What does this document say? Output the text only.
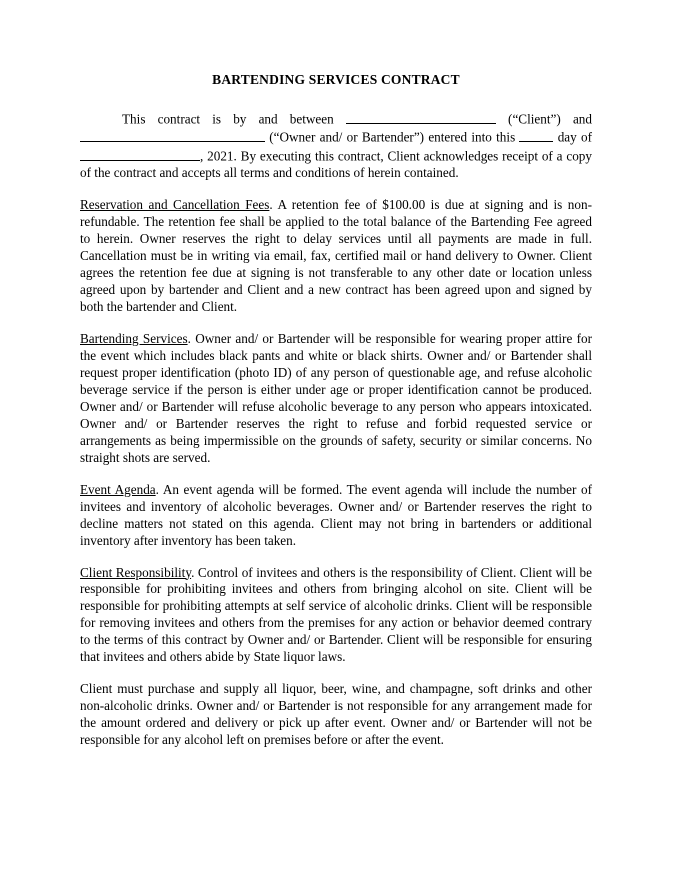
BARTENDING SERVICES CONTRACT

This contract is by and between	(“Client”) and  (“Owner and/ or Bartender”) entered into this	day of , 2021. By executing this contract, Client acknowledges receipt of a copy of the contract and accepts all terms and conditions of herein contained.

Reservation and Cancellation Fees. A retention fee of $100.00 is due at signing and is non-refundable. The retention fee shall be applied to the total balance of the Bartending Fee agreed to herein. Owner reserves the right to delay services until all payments are made in full. Cancellation must be in writing via email, fax, certified mail or hand delivery to Owner. Client agrees the retention fee due at signing is not transferable to any other date or location unless agreed upon by bartender and Client and a new contract has been agreed upon and signed by both the bartender and Client.

Bartending Services. Owner and/ or Bartender will be responsible for wearing proper attire for the event which includes black pants and white or black shirts. Owner and/ or Bartender shall request proper identification (photo ID) of any person of questionable age, and refuse alcoholic beverage service if the person is either under age or proper identification cannot be produced. Owner and/ or Bartender will refuse alcoholic beverage to any person who appears intoxicated. Owner and/ or Bartender reserves the right to refuse and forbid requested service or arrangements as being impermissible on the grounds of safety, security or similar concerns. No straight shots are served.

Event Agenda. An event agenda will be formed. The event agenda will include the number of invitees and inventory of alcoholic beverages. Owner and/ or Bartender reserves the right to decline matters not stated on this agenda. Client may not bring in bartenders or additional inventory after inventory has been taken.

Client Responsibility. Control of invitees and others is the responsibility of Client. Client will be responsible for prohibiting invitees and others from bringing alcohol on site. Client will be responsible for prohibiting attempts at self service of alcoholic drinks. Client will be responsible for removing invitees and others from the premises for any action or behavior deemed contrary to the terms of this contract by Owner and/ or Bartender. Client will be responsible for ensuring that invitees and others abide by State liquor laws.

Client must purchase and supply all liquor, beer, wine, and champagne, soft drinks and other non-alcoholic drinks. Owner and/ or Bartender is not responsible for any arrangement made for the amount ordered and delivery or pick up after event. Owner and/ or Bartender will not be responsible for any alcohol left on premises before or after the event.
